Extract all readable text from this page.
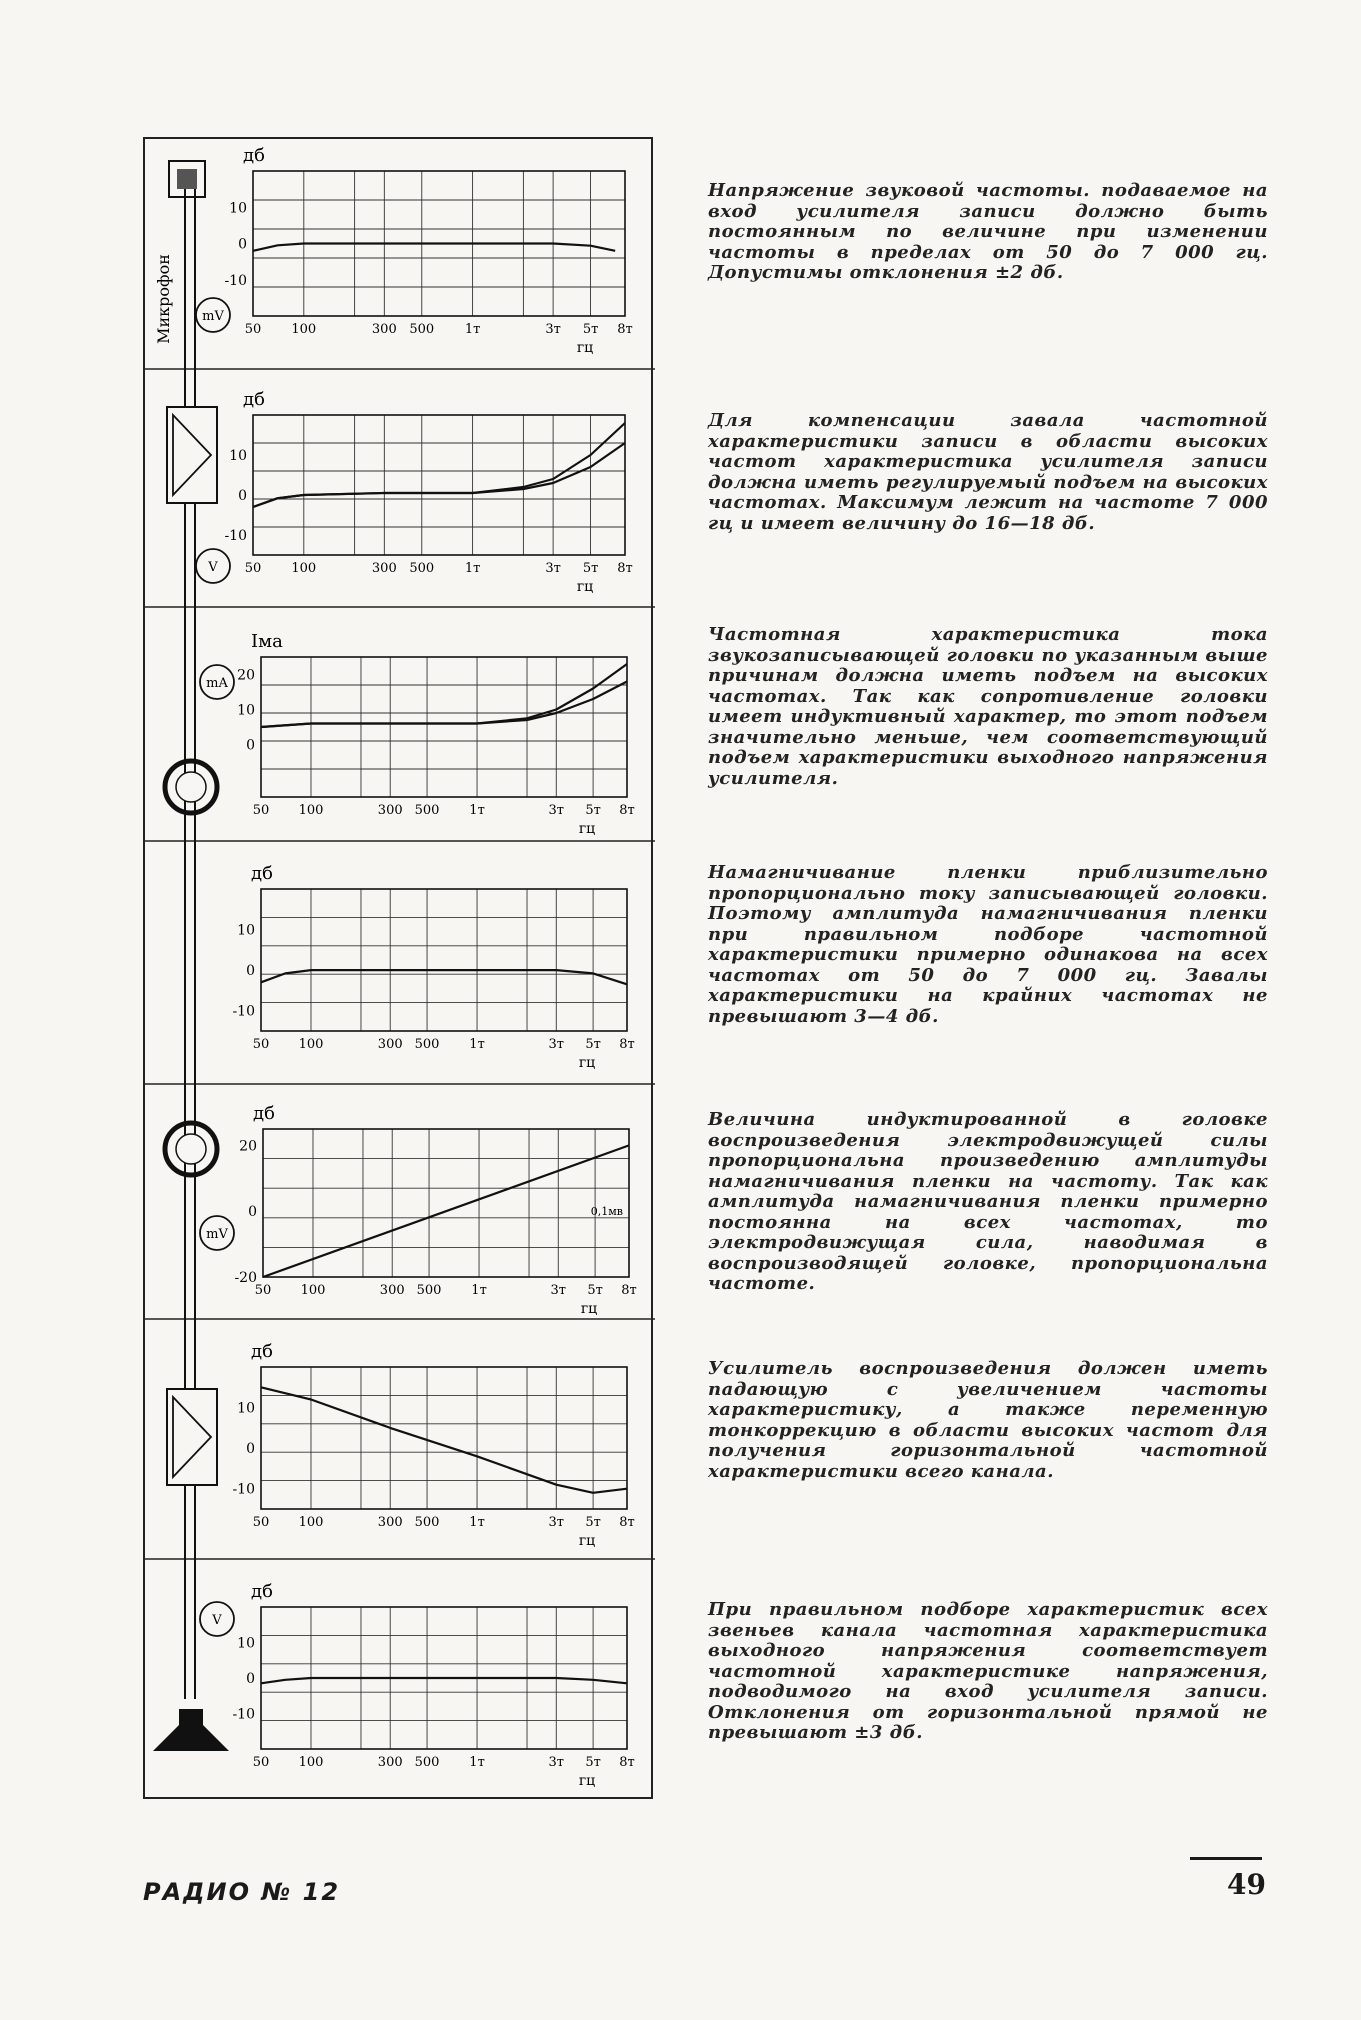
10
0
-10
дб
50 100	300 500 1т	3т 5т 8т
гц
10
0
-10
дб
50 100	300 500 1т	3т 5т 8т
гц
20
10
0
Iма
50 100	300 500 1т	3т 5т 8т
гц
10
0
-10
дб
50 100	300 500 1т	3т 5т 8т
гц
20
0
-20
дб
50 100	300 500 1т	3т 5т 8т
гц
0,1мв
10
0
-10
дб
50 100	300 500 1т	3т 5т 8т
гц
10
0
-10
дб
50 100	300 500 1т	3т 5т 8т
гц
Микрофон mV
V
mA
mV
V

Напряжение звуковой частоты. подаваемое на вход усилителя записи должно быть постоянным по величине при изменении частоты в пределах от 50 до 7 000 гц. Допустимы отклонения ±2 дб.

Для компенсации завала частотной характеристики записи в области высоких частот характеристика усилителя записи должна иметь регулируемый подъем на высоких частотах. Максимум лежит на частоте 7 000 гц и имеет величину до 16—18 дб.

Частотная характеристика тока звукозаписывающей головки по указанным выше причинам должна иметь подъем на высоких частотах. Так как сопротивление головки имеет индуктивный характер, то этот подъем значительно меньше, чем соответствующий подъем характеристики выходного напряжения усилителя.

Намагничивание пленки приблизительно пропорционально току записывающей головки. Поэтому амплитуда намагничивания пленки при правильном подборе частотной характеристики примерно одинакова на всех частотах от 50 до 7 000 гц. Завалы характеристики на крайних частотах не превышают 3—4 дб.

Величина индуктированной в головке воспроизведения электродвижущей силы пропорциональна произведению амплитуды намагничивания пленки на частоту. Так как амплитуда намагничивания пленки примерно постоянна на всех частотах, то электродвижущая сила, наводимая в воспроизводящей головке, пропорциональна частоте.

Усилитель воспроизведения должен иметь падающую с увеличением частоты характеристику, а также переменную тонкоррекцию в области высоких частот для получения горизонтальной частотной характеристики всего канала.

При правильном подборе характеристик всех звеньев канала частотная характеристика выходного напряжения соответствует частотной характеристике напряжения, подводимого на вход усилителя записи. Отклонения от горизонтальной прямой не превышают ±3 дб.

РАДИО № 12	49
